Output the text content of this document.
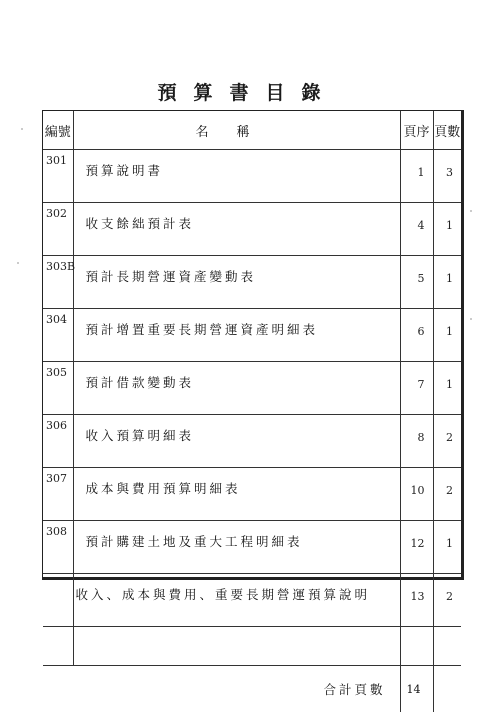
預算書目錄
編號	名稱	頁序	頁數
301	預算說明書	1	3
302	收支餘絀預計表	4	1
303B	預計長期營運資產變動表	5	1
304	預計增置重要長期營運資產明細表	6	1
305	預計借款變動表	7	1
306	收入預算明細表	8	2
307	成本與費用預算明細表	10	2
308	預計購建土地及重大工程明細表	12	1
	收入、成本與費用、重要長期營運預算說明	13	2

合計頁數		14	
